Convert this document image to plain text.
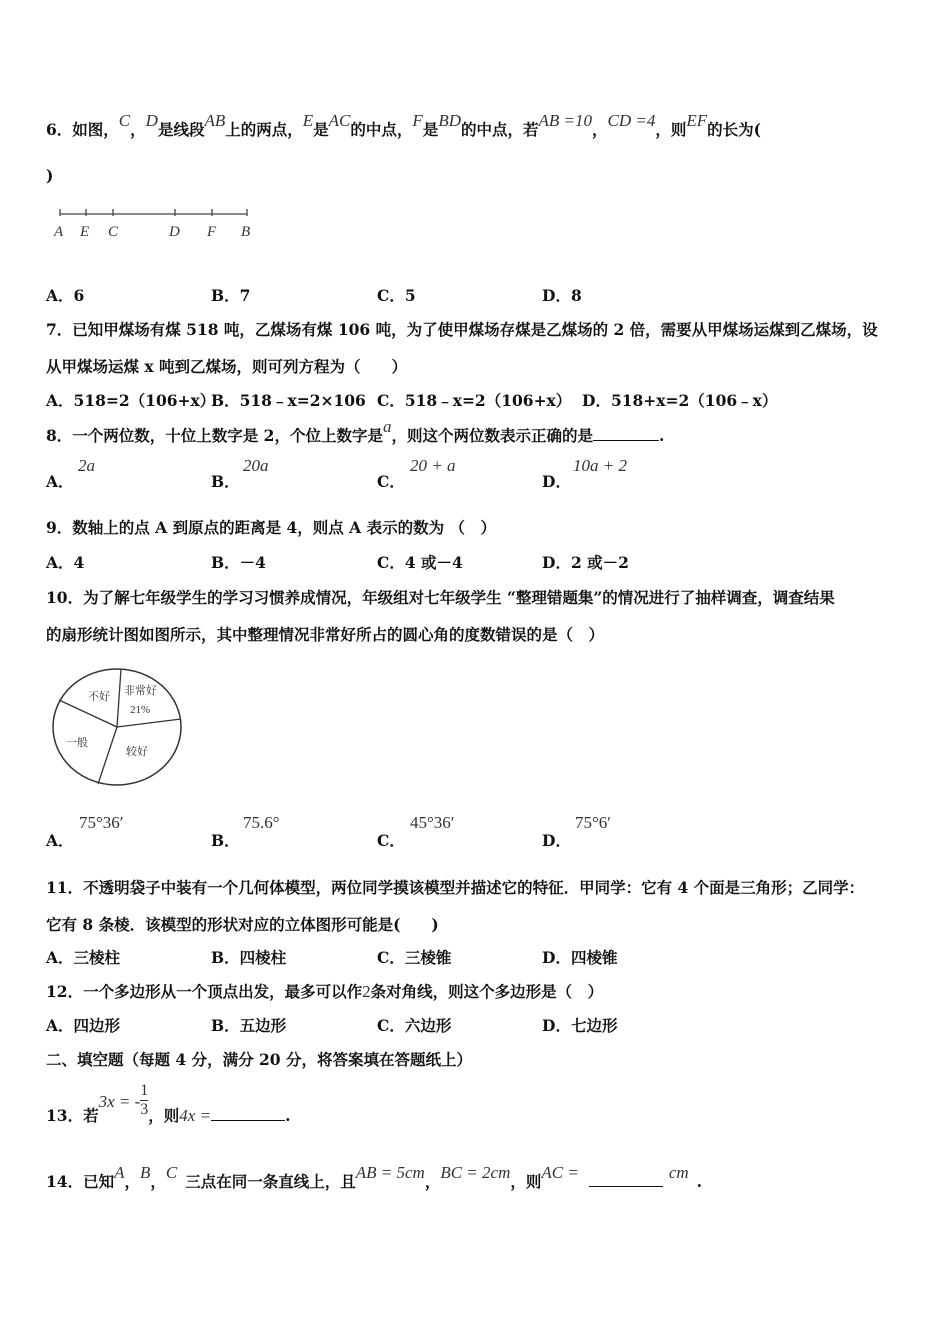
6．如图，C，D是线段AB上的两点，E是AC的中点，F是BD的中点，若AB =10，CD =4，则EF的长为(
)
A E C	D F B
A．6	B．7	C．5	D．8
7．已知甲煤场有煤 518 吨，乙煤场有煤 106 吨，为了使甲煤场存煤是乙煤场的 2 倍，需要从甲煤场运煤到乙煤场，设
从甲煤场运煤 x 吨到乙煤场，则可列方程为（　　）
A．518=2（106+x）
B．518﹣x=2×106 C．518﹣x=2（106+x） D．518+x=2（106﹣x）
8．一个两位数，十位上数字是 2，个位上数字是a，则这个两位数表示正确的是	.
A．
2a
B．
20a
C．
20 + a
D．
10a + 2
9．数轴上的点 A 到原点的距离是 4，则点 A 表示的数为 （　）
A．4	B．－4	C．4 或－4	D．2 或－2
10．为了解七年级学生的学习习惯养成情况，年级组对七年级学生 “整理错题集”的情况进行了抽样调查，调查结果
的扇形统计图如图所示，其中整理情况非常好所占的圆心角的度数错误的是（　）
不好 非常好
21%
一般
较好
A．
75°36′
B．
75.6°
C．
45°36′
D．
75°6′
11．不透明袋子中装有一个几何体模型，两位同学摸该模型并描述它的特征．甲同学：它有 4 个面是三角形；乙同学：
它有 8 条棱．该模型的形状对应的立体图形可能是(　　)
A．三棱柱	B．四棱柱	C．三棱锥	D．四棱锥
12．一个多边形从一个顶点出发，最多可以作2条对角线，则这个多边形是（　）
A．四边形	B．五边形	C．六边形	D．七边形
二、填空题（每题 4 分，满分 20 分，将答案填在答题纸上）
13．若3x = - $\frac{1}{3}$ ，则4x =	.
14．已知A，B，C 三点在同一条直线上，且AB = 5cm，BC = 2cm，则AC =	cm .
